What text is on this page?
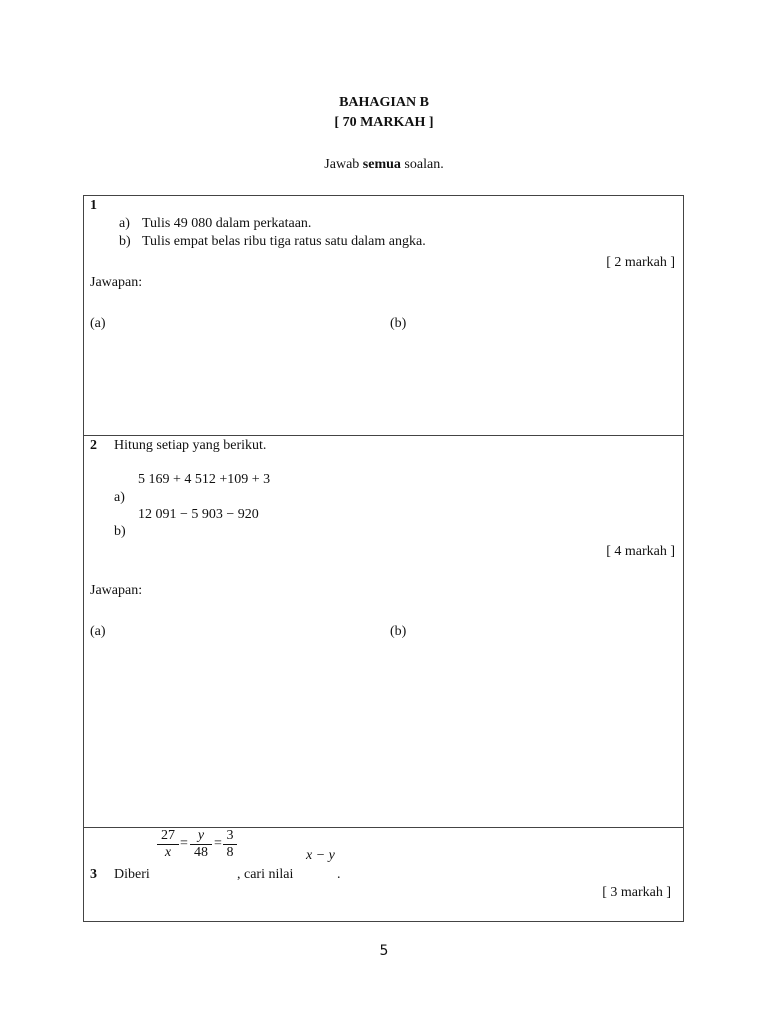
BAHAGIAN B
[ 70 MARKAH ]
Jawab semua soalan.
1
a) Tulis 49 080 dalam perkataan.
b) Tulis empat belas ribu tiga ratus satu dalam angka.
[ 2 markah ]
Jawapan:
(a)	(b)
2 Hitung setiap yang berikut.
5 169 + 4 512 +109 + 3
a)
12 091 − 5 903 − 920
b)
[ 4 markah ]
Jawapan:
(a)	(b)
$\frac{27}{x} = \frac{y}{48} = \frac{3}{8}$	x − y
3 Diberi	, cari nilai	.
[ 3 markah ]
5
